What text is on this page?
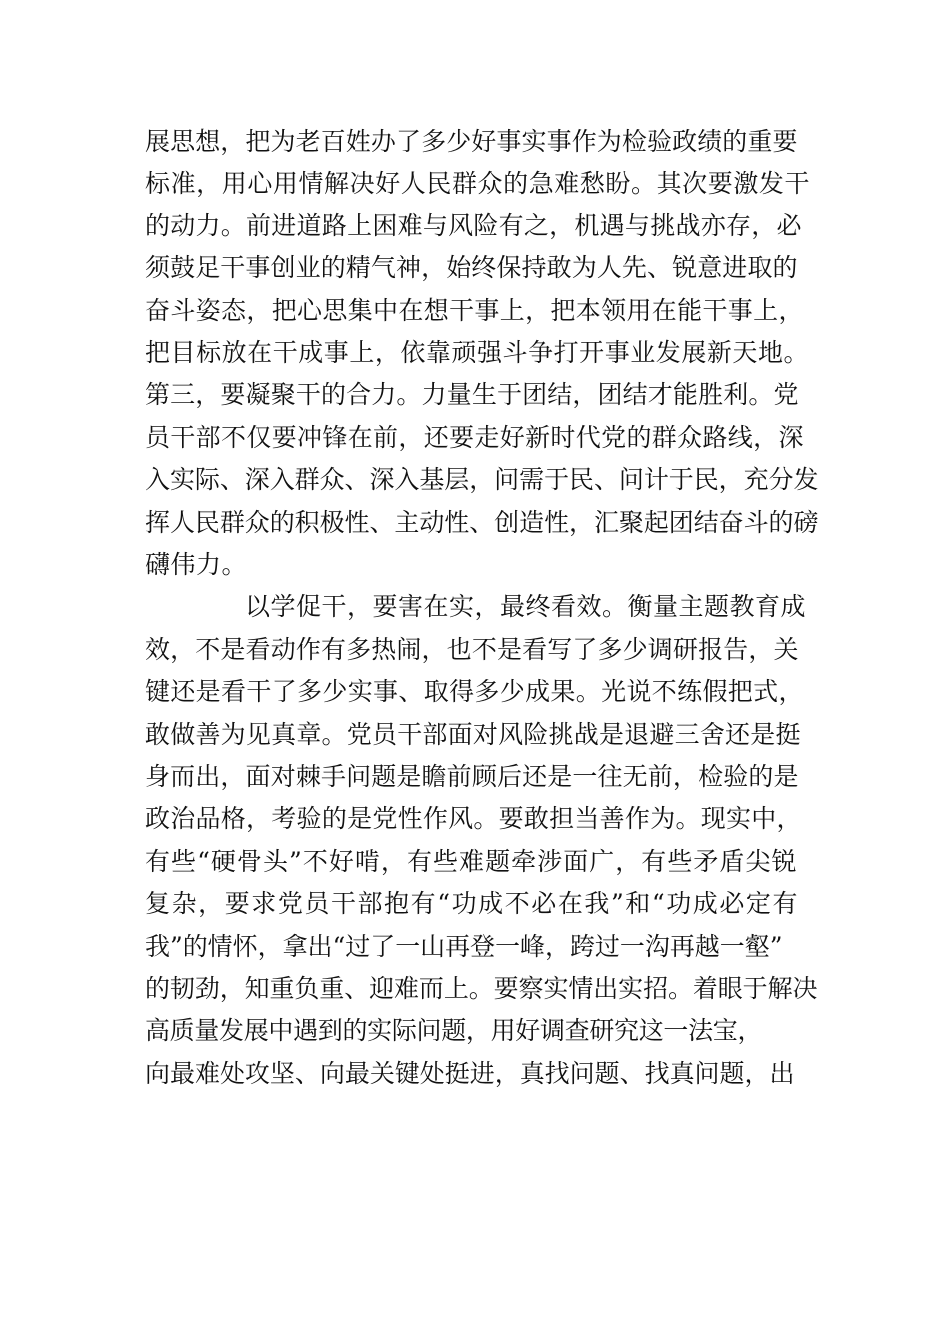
展思想，把为老百姓办了多少好事实事作为检验政绩的重要
标准，用心用情解决好人民群众的急难愁盼。其次要激发干
的动力。前进道路上困难与风险有之，机遇与挑战亦存，必
须鼓足干事创业的精气神，始终保持敢为人先、锐意进取的
奋斗姿态，把心思集中在想干事上，把本领用在能干事上，
把目标放在干成事上，依靠顽强斗争打开事业发展新天地。
第三，要凝聚干的合力。力量生于团结，团结才能胜利。党
员干部不仅要冲锋在前，还要走好新时代党的群众路线，深
入实际、深入群众、深入基层，问需于民、问计于民，充分发
挥人民群众的积极性、主动性、创造性，汇聚起团结奋斗的磅
礴伟力。
以学促干，要害在实，最终看效。衡量主题教育成
效，不是看动作有多热闹，也不是看写了多少调研报告，关
键还是看干了多少实事、取得多少成果。光说不练假把式，
敢做善为见真章。党员干部面对风险挑战是退避三舍还是挺
身而出，面对棘手问题是瞻前顾后还是一往无前，检验的是
政治品格，考验的是党性作风。要敢担当善作为。现实中，
有些“硬骨头”不好啃，有些难题牵涉面广，有些矛盾尖锐
复杂，要求党员干部抱有“功成不必在我”和“功成必定有
我”的情怀，拿出“过了一山再登一峰，跨过一沟再越一壑”
的韧劲，知重负重、迎难而上。要察实情出实招。着眼于解决
高质量发展中遇到的实际问题，用好调查研究这一法宝，
向最难处攻坚、向最关键处挺进，真找问题、找真问题，出
